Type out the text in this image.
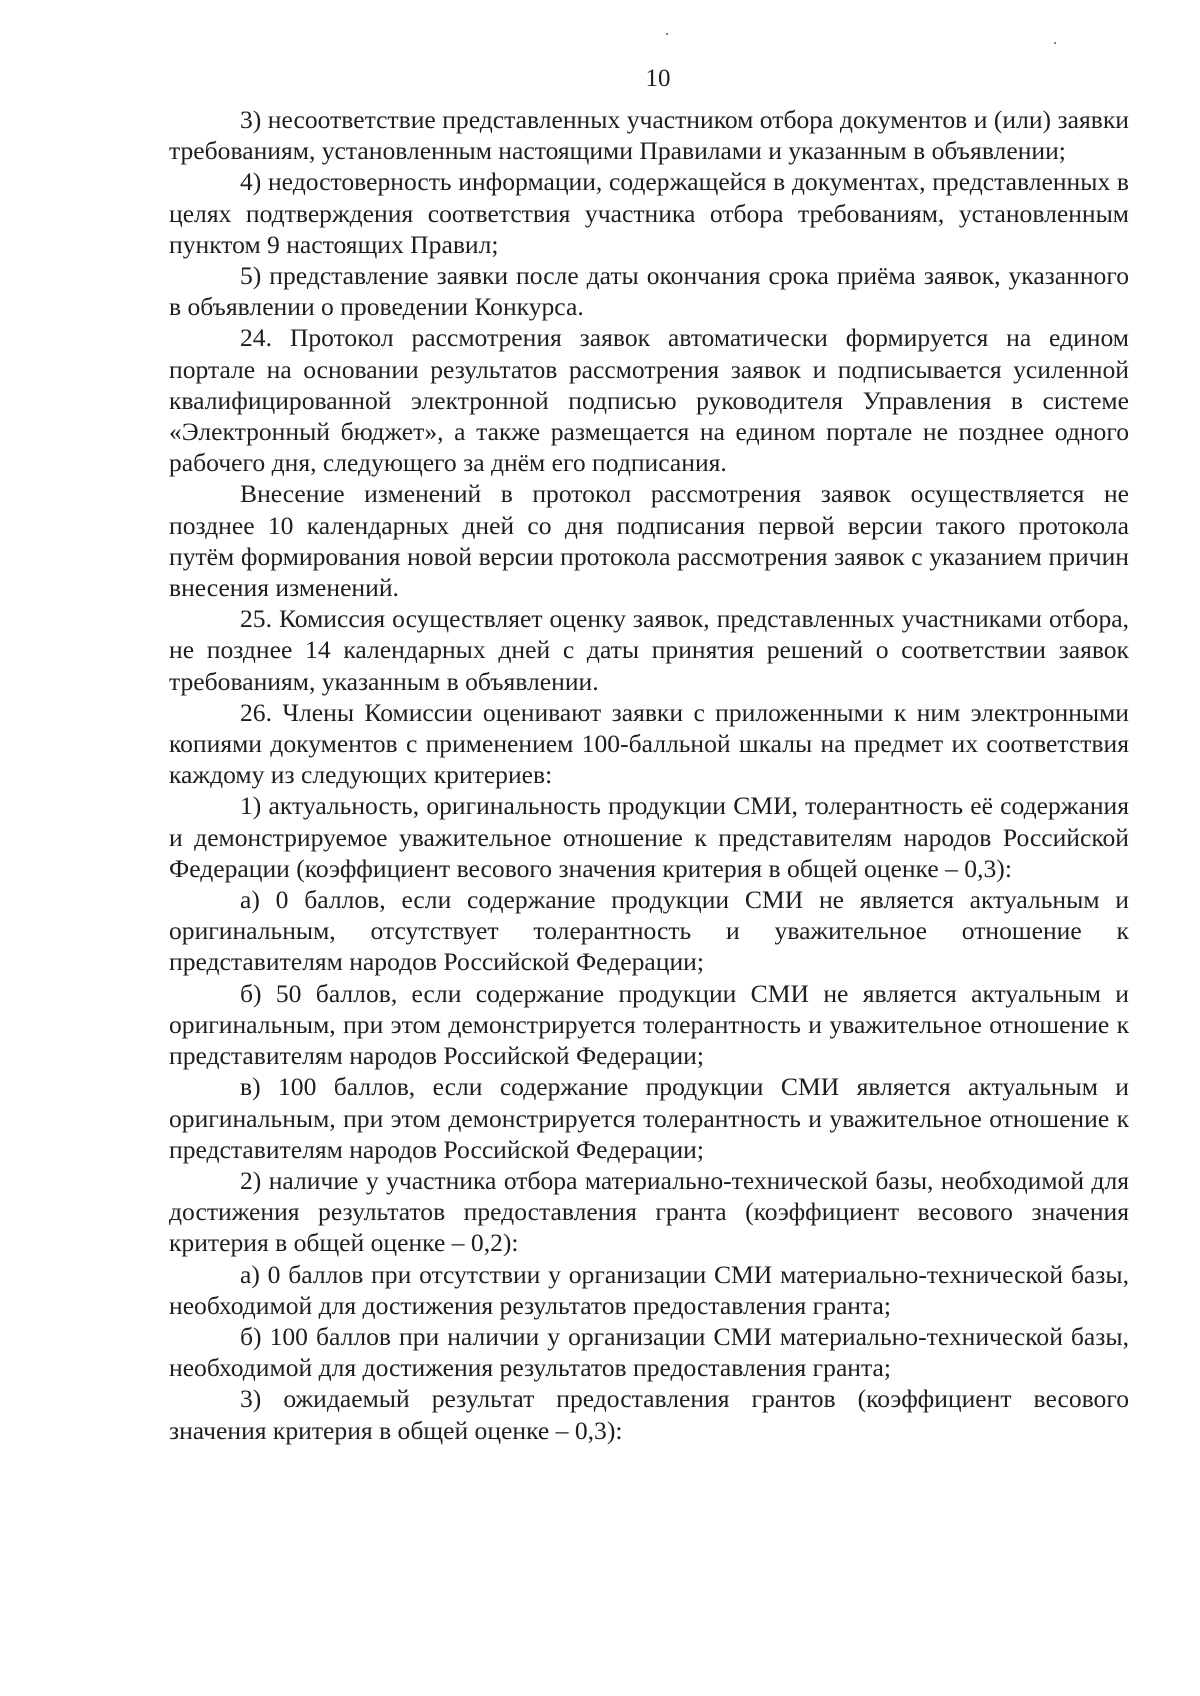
10

3) несоответствие представленных участником отбора документов и (или) заявки требованиям, установленным настоящими Правилами и указанным в объявлении;

4) недостоверность информации, содержащейся в документах, представленных в целях подтверждения соответствия участника отбора требованиям, установленным пунктом 9 настоящих Правил;

5) представление заявки после даты окончания срока приёма заявок, указанного в объявлении о проведении Конкурса.

24. Протокол рассмотрения заявок автоматически формируется на едином портале на основании результатов рассмотрения заявок и подписывается усиленной квалифицированной электронной подписью руководителя Управления в системе «Электронный бюджет», а также размещается на едином портале не позднее одного рабочего дня, следующего за днём его подписания.

Внесение изменений в протокол рассмотрения заявок осуществляется не позднее 10 календарных дней со дня подписания первой версии такого протокола путём формирования новой версии протокола рассмотрения заявок с указанием причин внесения изменений.

25. Комиссия осуществляет оценку заявок, представленных участниками отбора, не позднее 14 календарных дней с даты принятия решений о соответствии заявок требованиям, указанным в объявлении.

26. Члены Комиссии оценивают заявки с приложенными к ним электронными копиями документов с применением 100-балльной шкалы на предмет их соответствия каждому из следующих критериев:

1) актуальность, оригинальность продукции СМИ, толерантность её содержания и демонстрируемое уважительное отношение к представителям народов Российской Федерации (коэффициент весового значения критерия в общей оценке – 0,3):

а) 0 баллов, если содержание продукции СМИ не является актуальным и оригинальным, отсутствует толерантность и уважительное отношение к представителям народов Российской Федерации;

б) 50 баллов, если содержание продукции СМИ не является актуальным и оригинальным, при этом демонстрируется толерантность и уважительное отношение к представителям народов Российской Федерации;

в) 100 баллов, если содержание продукции СМИ является актуальным и оригинальным, при этом демонстрируется толерантность и уважительное отношение к представителям народов Российской Федерации;

2) наличие у участника отбора материально-технической базы, необходимой для достижения результатов предоставления гранта (коэффициент весового значения критерия в общей оценке – 0,2):

а) 0 баллов при отсутствии у организации СМИ материально-технической базы, необходимой для достижения результатов предоставления гранта;

б) 100 баллов при наличии у организации СМИ материально-технической базы, необходимой для достижения результатов предоставления гранта;

3) ожидаемый результат предоставления грантов (коэффициент весового значения критерия в общей оценке – 0,3):
